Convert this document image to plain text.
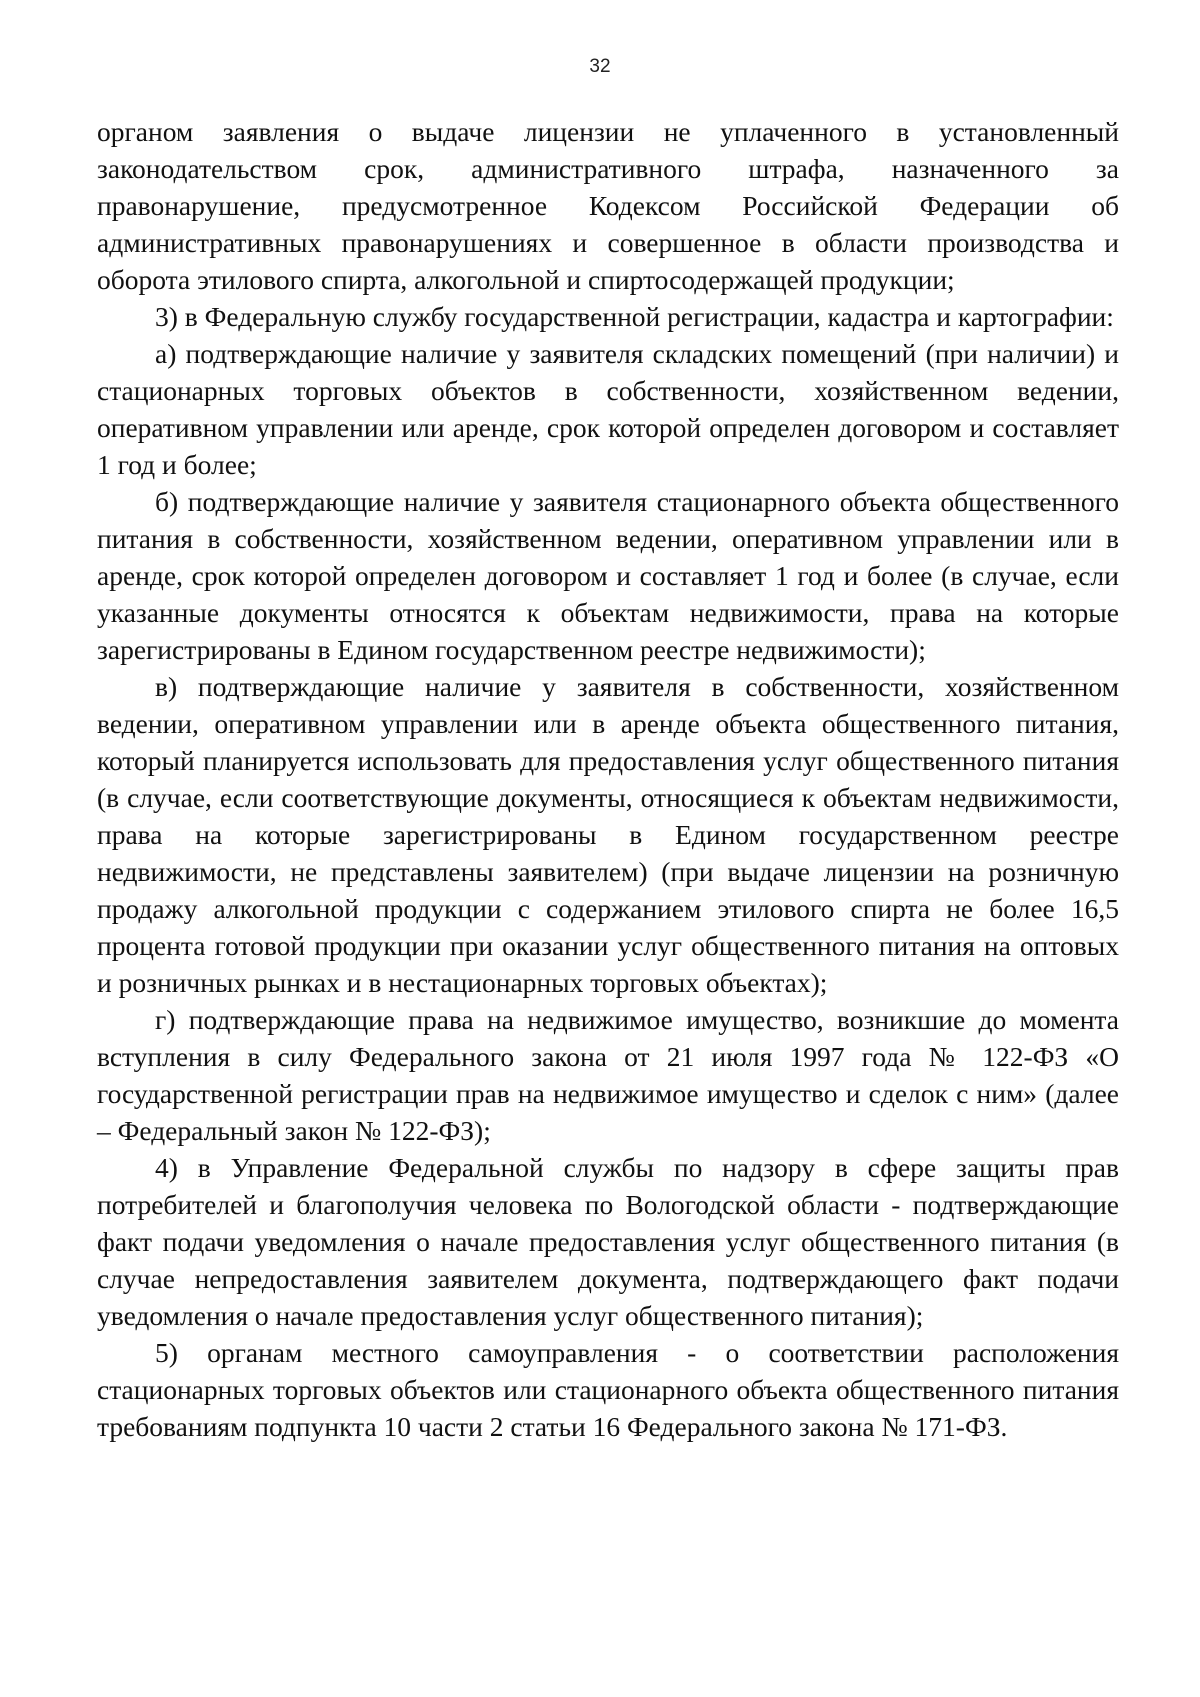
32

органом заявления о выдаче лицензии не уплаченного в установленный законодательством срок, административного штрафа, назначенного за правонарушение, предусмотренное Кодексом Российской Федерации об административных правонарушениях и совершенное в области производства и оборота этилового спирта, алкогольной и спиртосодержащей продукции;

3) в Федеральную службу государственной регистрации, кадастра и картографии:

а) подтверждающие наличие у заявителя складских помещений (при наличии) и стационарных торговых объектов в собственности, хозяйственном ведении, оперативном управлении или аренде, срок которой определен договором и составляет 1 год и более;

б) подтверждающие наличие у заявителя стационарного объекта общественного питания в собственности, хозяйственном ведении, оперативном управлении или в аренде, срок которой определен договором и составляет 1 год и более (в случае, если указанные документы относятся к объектам недвижимости, права на которые зарегистрированы в Едином государственном реестре недвижимости);

в) подтверждающие наличие у заявителя в собственности, хозяйственном ведении, оперативном управлении или в аренде объекта общественного питания, который планируется использовать для предоставления услуг общественного питания (в случае, если соответствующие документы, относящиеся к объектам недвижимости, права на которые зарегистрированы в Едином государственном реестре недвижимости, не представлены заявителем) (при выдаче лицензии на розничную продажу алкогольной продукции с содержанием этилового спирта не более 16,5 процента готовой продукции при оказании услуг общественного питания на оптовых и розничных рынках и в нестационарных торговых объектах);

г) подтверждающие права на недвижимое имущество, возникшие до момента вступления в силу Федерального закона от 21 июля 1997 года № 122-ФЗ «О государственной регистрации прав на недвижимое имущество и сделок с ним» (далее – Федеральный закон № 122-ФЗ);

4) в Управление Федеральной службы по надзору в сфере защиты прав потребителей и благополучия человека по Вологодской области - подтверждающие факт подачи уведомления о начале предоставления услуг общественного питания (в случае непредоставления заявителем документа, подтверждающего факт подачи уведомления о начале предоставления услуг общественного питания);

5) органам местного самоуправления - о соответствии расположения стационарных торговых объектов или стационарного объекта общественного питания требованиям подпункта 10 части 2 статьи 16 Федерального закона № 171-ФЗ.
